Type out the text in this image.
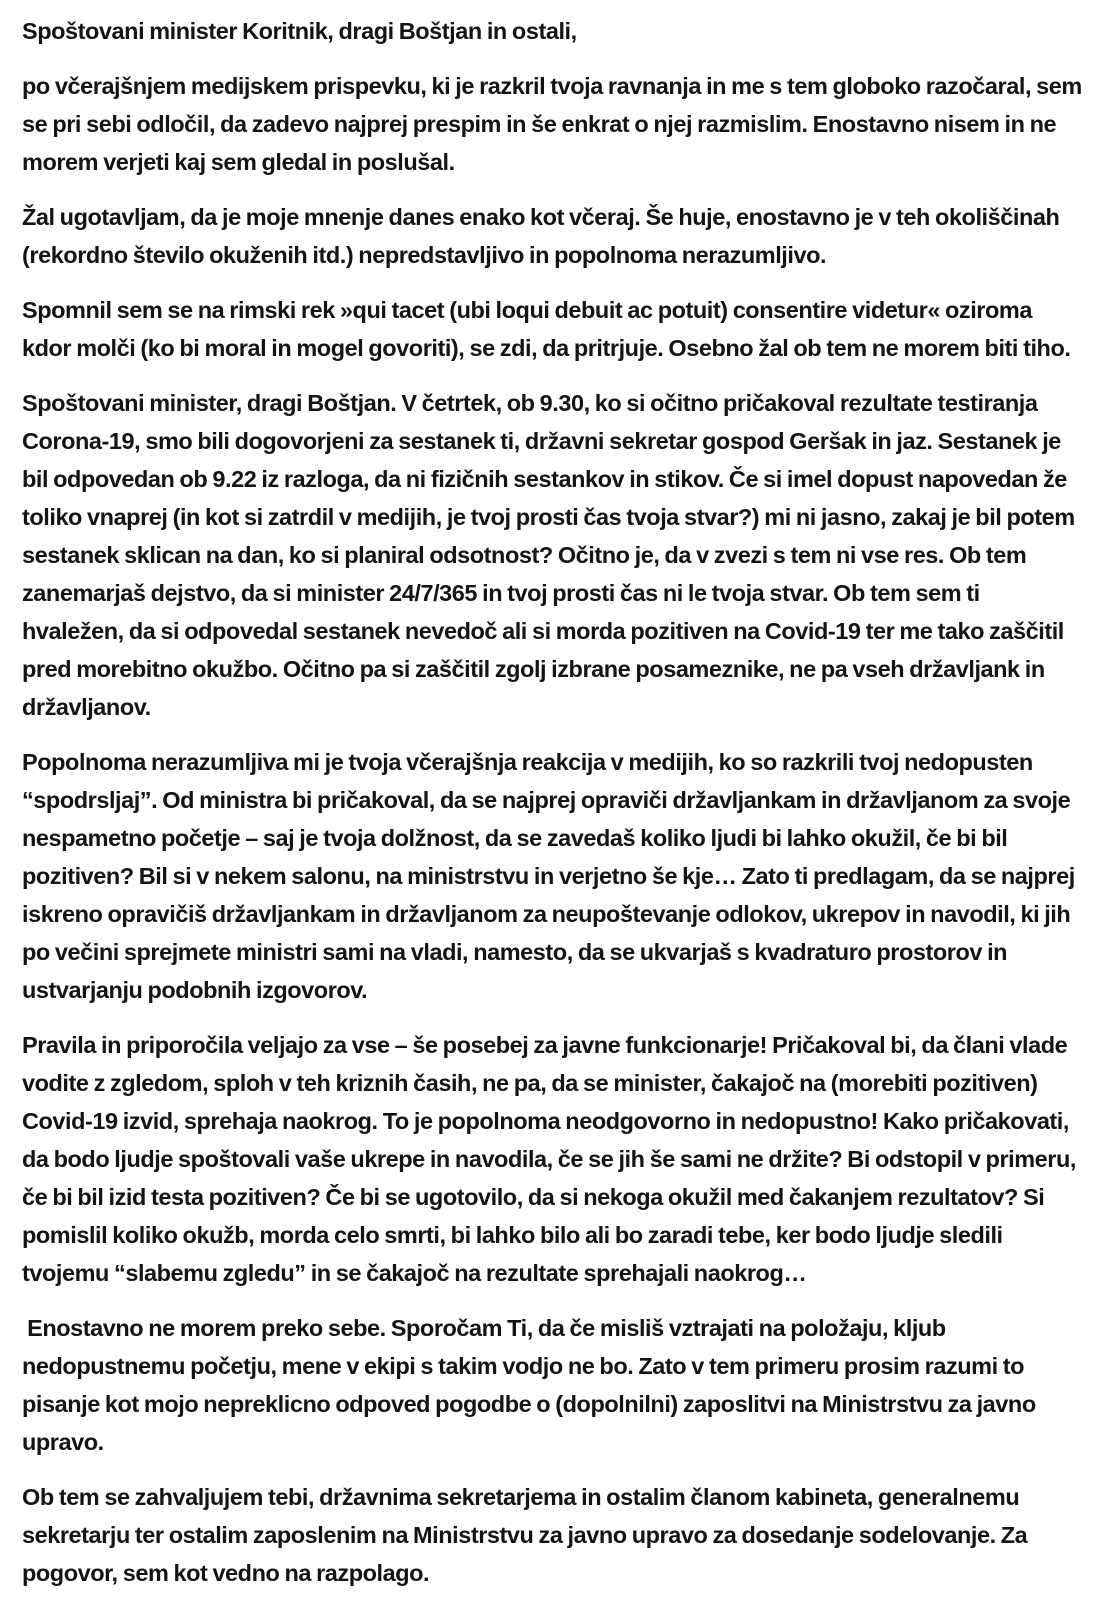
Spoštovani minister Koritnik, dragi Boštjan in ostali,

po včerajšnjem medijskem prispevku, ki je razkril tvoja ravnanja in me s tem globoko razočaral, sem se pri sebi odločil, da zadevo najprej prespim in še enkrat o njej razmislim. Enostavno nisem in ne morem verjeti kaj sem gledal in poslušal.

Žal ugotavljam, da je moje mnenje danes enako kot včeraj. Še huje, enostavno je v teh okoliščinah (rekordno število okuženih itd.) nepredstavljivo in popolnoma nerazumljivo.

Spomnil sem se na rimski rek »qui tacet (ubi loqui debuit ac potuit) consentire videtur« oziroma kdor molči (ko bi moral in mogel govoriti), se zdi, da pritrjuje. Osebno žal ob tem ne morem biti tiho.

Spoštovani minister, dragi Boštjan. V četrtek, ob 9.30, ko si očitno pričakoval rezultate testiranja Corona-19, smo bili dogovorjeni za sestanek ti, državni sekretar gospod Geršak in jaz. Sestanek je bil odpovedan ob 9.22 iz razloga, da ni fizičnih sestankov in stikov. Če si imel dopust napovedan že toliko vnaprej (in kot si zatrdil v medijih, je tvoj prosti čas tvoja stvar?) mi ni jasno, zakaj je bil potem sestanek sklican na dan, ko si planiral odsotnost? Očitno je, da v zvezi s tem ni vse res. Ob tem zanemarjaš dejstvo, da si minister 24/7/365 in tvoj prosti čas ni le tvoja stvar. Ob tem sem ti hvaležen, da si odpovedal sestanek nevedoč ali si morda pozitiven na Covid-19 ter me tako zaščitil pred morebitno okužbo. Očitno pa si zaščitil zgolj izbrane posameznike, ne pa vseh državljank in državljanov.

Popolnoma nerazumljiva mi je tvoja včerajšnja reakcija v medijih, ko so razkrili tvoj nedopusten “spodrsljaj”. Od ministra bi pričakoval, da se najprej opraviči državljankam in državljanom za svoje nespametno početje – saj je tvoja dolžnost, da se zavedaš koliko ljudi bi lahko okužil, če bi bil pozitiven? Bil si v nekem salonu, na ministrstvu in verjetno še kje… Zato ti predlagam, da se najprej iskreno opravičiš državljankam in državljanom za neupoštevanje odlokov, ukrepov in navodil, ki jih po večini sprejmete ministri sami na vladi, namesto, da se ukvarjaš s kvadraturo prostorov in ustvarjanju podobnih izgovorov.

Pravila in priporočila veljajo za vse – še posebej za javne funkcionarje! Pričakoval bi, da člani vlade vodite z zgledom, sploh v teh kriznih časih, ne pa, da se minister, čakajoč na (morebiti pozitiven) Covid-19 izvid, sprehaja naokrog. To je popolnoma neodgovorno in nedopustno! Kako pričakovati, da bodo ljudje spoštovali vaše ukrepe in navodila, če se jih še sami ne držite? Bi odstopil v primeru, če bi bil izid testa pozitiven? Če bi se ugotovilo, da si nekoga okužil med čakanjem rezultatov? Si pomislil koliko okužb, morda celo smrti, bi lahko bilo ali bo zaradi tebe, ker bodo ljudje sledili tvojemu “slabemu zgledu” in se čakajoč na rezultate sprehajali naokrog…

Enostavno ne morem preko sebe. Sporočam Ti, da če misliš vztrajati na položaju, kljub nedopustnemu početju, mene v ekipi s takim vodjo ne bo. Zato v tem primeru prosim razumi to pisanje kot mojo nepreklicno odpoved pogodbe o (dopolnilni) zaposlitvi na Ministrstvu za javno upravo.

Ob tem se zahvaljujem tebi, državnima sekretarjema in ostalim članom kabineta, generalnemu sekretarju ter ostalim zaposlenim na Ministrstvu za javno upravo za dosedanje sodelovanje. Za pogovor, sem kot vedno na razpolago.
